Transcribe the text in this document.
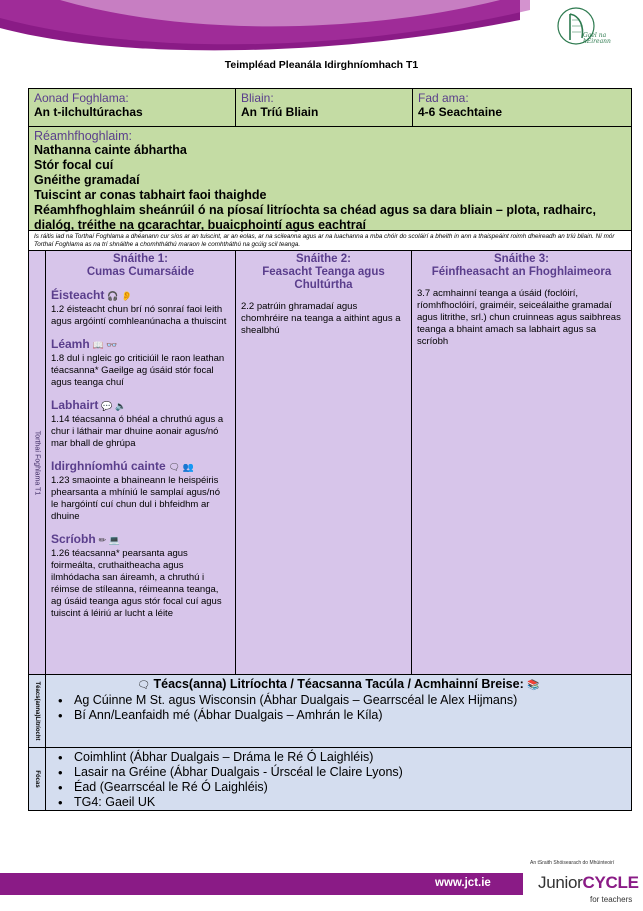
Gael na hÉireann
Teimpléad Pleanála Idirghníomhach T1
Aonad Foghlama:
An t-ilchultúrachas
Bliain:
An Tríú Bliain
Fad ama:
4-6 Seachtaine
Réamhfhoghlaim:
Nathanna cainte ábhartha
Stór focal cuí
Gnéithe gramadaí
Tuiscint ar conas tabhairt faoi thaighde
Réamhfhoghlaim sheánrúil ó na píosaí litríochta sa chéad agus sa dara bliain – plota, radhairc, dialóg, tréithe na gcarachtar, buaicphointí agus eachtraí
Is ráitis iad na Torthaí Foghlama a dhéanann cur síos ar an tuiscint, ar an eolas, ar na scileanna agus ar na luachanna a mba chóir do scoláirí a bheith in ann a thaispeáint roimh dheireadh an tríú bliain. Ní mór Torthaí Foghlama as na trí shnáithe a chomhtháthú maraon le comhtháthú na gcúig scil teanga.
Torthaí Foghlama T1
Snáithe 1:
Cumas Cumarsáide
Éisteacht 🎧 👂
1.2 éisteacht chun brí nó sonraí faoi leith agus argóintí comhleanúnacha a thuiscint
Léamh 📖 👓
1.8 dul i ngleic go criticiúil le raon leathan téacsanna* Gaeilge ag úsáid stór focal agus teanga chuí
Labhairt 💬 🔈
1.14 téacsanna ó bhéal a chruthú agus a chur i láthair mar dhuine aonair agus/nó mar bhall de ghrúpa
Idirghníomhú cainte 🗨 👥
1.23 smaointe a bhaineann le heispéiris phearsanta a mhíniú le samplaí agus/nó le hargóintí cuí chun dul i bhfeidhm ar dhuine
Scríobh ✏ 💻
1.26 téacsanna* pearsanta agus foirmeálta, cruthaitheacha agus ilmhódacha san áireamh, a chruthú i réimse de stíleanna, réimeanna teanga, ag úsáid teanga agus stór focal cuí agus tuiscint á léiriú ar lucht a léite
Snáithe 2:
Feasacht Teanga agus Chultúrtha
2.2 patrúin ghramadaí agus chomhréire na teanga a aithint agus a shealbhú
Snáithe 3:
Féinfheasacht an Fhoghlaimeora
3.7 acmhainní teanga a úsáid (foclóirí, ríomhfhoclóirí, graiméir, seiceálaithe gramadaí agus litrithe, srl.) chun cruinneas agus saibhreas teanga a bhaint amach sa labhairt agus sa scríobh
Téacs(anna)Litríocht	🗨 Téacs(anna) Litríochta / Téacsanna Tacúla / Acmhainní Breise: 📚
• Ag Cúinne M St. agus Wisconsin (Ábhar Dualgais – Gearrscéal le Alex Hijmans)
• Bí Ann/Leanfaidh mé (Ábhar Dualgais – Amhrán le Kíla)
Fócas
• Coimhlint (Ábhar Dualgais – Dráma le Ré Ó Laighléis)
• Lasair na Gréine (Ábhar Dualgais - Úrscéal le Claire Lyons)
• Éad (Gearrscéal le Ré Ó Laighléis)
• TG4: Gaeil UK
www.jct.ie
An tSraith Shóisearach do Mhúinteoirí
JuniorCYCLE
for teachers
